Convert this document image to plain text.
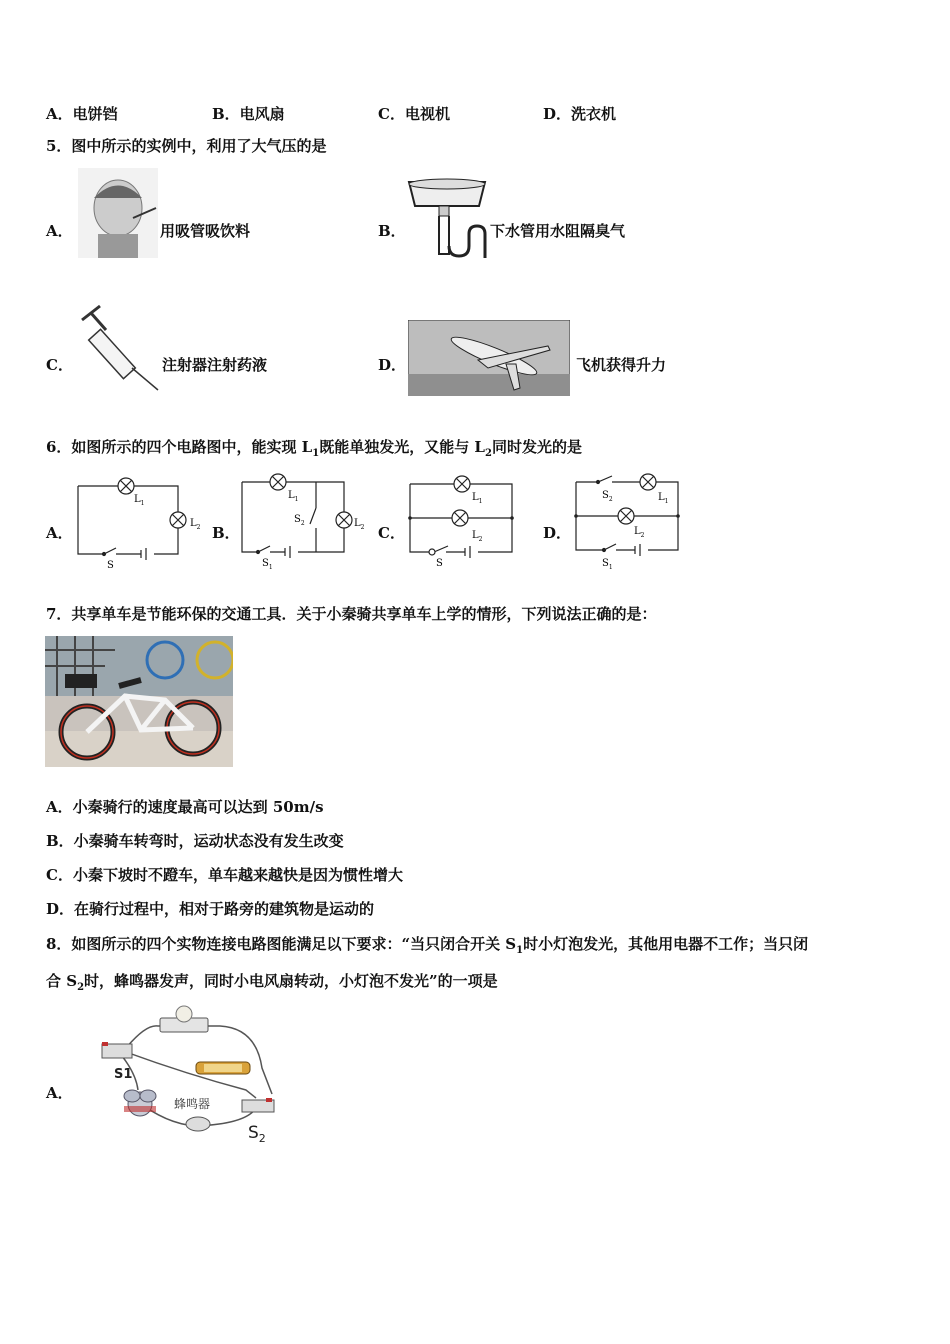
A．电饼铛	B．电风扇	C．电视机	D．洗衣机
5．图中所示的实例中，利用了大气压的是
A．	用吸管吸饮料	B．	下水管用水阻隔臭气
C．	注射器注射药液	D．	飞机获得升力
6．如图所示的四个电路图中，能实现 $L_1$既能单独发光，又能与 $L_2$同时发光的是
A．
$L_1$
$L_2$
S
B．
$L_1$
$L_2$
$S_2$
$S_1$
C．
$L_1$
$L_2$
S
D．
$S_2$	$L_1$
$L_2$
$S_1$
7．共享单车是节能环保的交通工具．关于小秦骑共享单车上学的情形，下列说法正确的是：
A．小秦骑行的速度最高可以达到 50m/s
B．小秦骑车转弯时，运动状态没有发生改变
C．小秦下坡时不蹬车，单车越来越快是因为惯性增大
D．在骑行过程中，相对于路旁的建筑物是运动的
8．如图所示的四个实物连接电路图能满足以下要求：“当只闭合开关 $S_1$时小灯泡发光，其他用电器不工作；当只闭
合 $S_2$时，蜂鸣器发声，同时小电风扇转动，小灯泡不发光”的一项是
A．
S1
蜂鸣器
$S_2$
